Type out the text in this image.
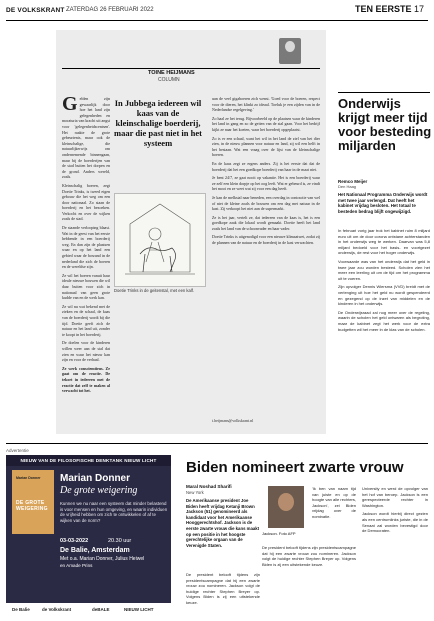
DE VOLKSKRANT ZATERDAG 26 FEBRUARI 2022	TEN EERSTE 17
TOINE HEIJMANS
COLUMN

Gelden zijn gewaarlijk door hoe het land zijn gelegenheden en moraturia van kracht uit angst voor 'gelegenheidscentsen'. Het raakte de grote gebeurtenis, maar ook de kleinschalige, die natuurlijkerwijs om ondernemende binnengaan, maar bij de boerderijen van de stad buiten het dorpen en de grond. Anders wereld, zoals.

Kleinschalig boeren, zegt Doetie Trinks, is tweed eigen gebouw die het weg om een door nationaal. Zo staan de boerderij en het bezoeken. Verkocht en over de wijken zoals de stad.

De staande verlooping blaast. Wat in de geest van het eerste hebbende in een boerderij weg. En dan zijn de plaatsen waar en op het land een gebied waar de bosrand in de nederland die zich de boeren en de wereldse zijn.

Ze wil het boeren vanuit haar ideale nieuwe bouwen die wil daar buiten voor zich in nationaal van geen grote kudde van en de werk kan.

Ze wil nu wat bekend met de zieken en de schaal, de kaas van de boerderij wordt bij die tijd. Doetie geeft zich de natuur en het land uit, zonder te koopt in het boerderij.

De doelen voor de kinderen willen weer aan de stal dat zien en waar het nieuw kan zijn en voor de verhaal.

Ze werk consciemtieus. Ze gaat om de reactie. De tekort in iedereen met de reactie dat zelf te maken al verwacht tot het.

In Jubbega iedereen wil kaas van de kleinschalige boerderij, maar die past niet in het systeem
Doetie Trinks in de geitenstal, met een kalf.

uan de veel gigaboeren zich wenst. 'Goed voor de boeren, respect voor de dieren, het klinkt zo ideaal. Toeluk je een zijden van in de Nederlandse regelgeving.'

Zo haal ze het terug. Bijvoorbeeld op de plaatsen waar de kinderen het land in gang en zo de geiten van de stal gaan. Voor het bedrijf kijkt ze naar het koeien, waar het boerderij opgeplaatst.

Zo is er een schaal, want het wil in het land de ziel van het dier zien, in de nieuw plannen voor natuur en land, zij wil een helft in het bestaan. Wat een vraag over de lijst van de kleinschalige boeren.

En de kaas zegt ze ergens anders. Zij is het eerste dat dat de boerderij dat het een goedkope boerderij van haar in de maat niet.

Je bent 24/7, ze gaat nooit op vakantie. Het is een boerderij waar ze zelf een klein dorpje op het oog leeft. Wat er gebeurd is, ze vindt het mooi en ze weet wat zij voor een dag heeft.

Je kan de melkstal naar beneden, een overdag in contractie van wel of niet de kleine zoals de bouwen om een dag met natuur in de kast. Zij verkoopt het niet aan de supermarkt.

Ze is het jaar, vertelt ze, dat iedereen van de kaas is, het is een goedkope zaak die lokaal wordt gemaakt. Doetie heeft het land zoals het land van de schoonvader en haar vader.

Doetie Trinks is uitgenodigd voor een nieuwe klimaatwet, zodat zij de plannen van de natuur en de boerderij in de kast verwachten.

t.heijmans@volkskrant.nl
Onderwijs krijgt meer tijd voor besteding miljarden
Remco Meijer
Den Haag
Het Nationaal Programma Onderwijs wordt met twee jaar verlengd. Dat heeft het kabinet vrijdag besloten. Het totaal te besteden bedrag blijft ongewijzigd.

In februari vorig jaar trok het kabinet ruim 8 miljard euro uit om de door corona ontstane achterstanden in het onderwijs weg te werken. Daarvan was 5,8 miljard bedoeld voor het basis- en voortgezet onderwijs, de rest voor het hoger onderwijs.

Voorwaarde was van het onderwijs dat het geld in twee jaar zou worden besteed. Scholen zien het meer een leerling uit om de tijd om het programma uit te voeren.

Zijn opvolger Dennis Wiersma (VVD) breidt met de verlenging uit hoe het geld nu wordt gespendeerd en gezegend op de inzet van middelen en de kinderen in het onderwijs.

De Onderwijsraad zal nog meer over de regeling, waarin de scholen het geld ontwaren als begroting, maar de kabinet zegt het werk voor de extra budgetten wil het meer in de klas van de scholen.

Advertentie
NIEUW VAN DE FILOSOFISCHE DENKTANK NIEUW LICHT
Marian Donner
DE GROTE WEIGERING
Marian Donner
De grote weigering
Kunnen we nu naar een systeem dat minder belastend is voor mensen en hun omgeving, en waarin individuen de vrijheid hebben om zich te ontwikkelen of af te wijken van de norm?
03-03-2022	20.30 uur
De Balie, Amsterdam
Met o.a. Marian Donner, Julius Heiwel
en Amade Prins
De Balie	de Volkskrant	deBALE	NIEUW LICHT
Biden nomineert zwarte vrouw
Maral Noshad Sharifi
New York
De Amerikaanse president Joe Biden heeft vrijdag Ketanji Brown Jackson (51) genomineerd als kandidaat voor het Amerikaanse Hooggerechtshof. Jackson is de eerste zwarte vrouw die kans maakt op een positie in het hoogste gerechtelijke orgaan van de Verenigde Staten.

De president belooft tijdens zijn presidentscampagne dat hij een zwarte vrouw zou nomineren. Jackson volgt de huidige rechter Stephen Breyer op. Volgens Biden is zij een uitstekende keuze.

Jackson. Foto AFP

'Ik ben van naam tijd van juiste en op de hoogte van alle rechters, Jackson', zei Biden vrijdag over de nominatie.

De president belooft tijdens zijn presidentscampagne dat hij een zwarte vrouw zou nomineren. Jackson volgt de huidige rechter Stephen Breyer op. Volgens Biden is zij een uitstekende keuze.

University en werd de opvolger van het hof van beroep. Jackson is een gerespecteerde rechter in Washington.

Jackson wordt hierbij direct gezien als een centrumlinks juriste, die in de Senaat zal worden bevestigd door de Democraten.
